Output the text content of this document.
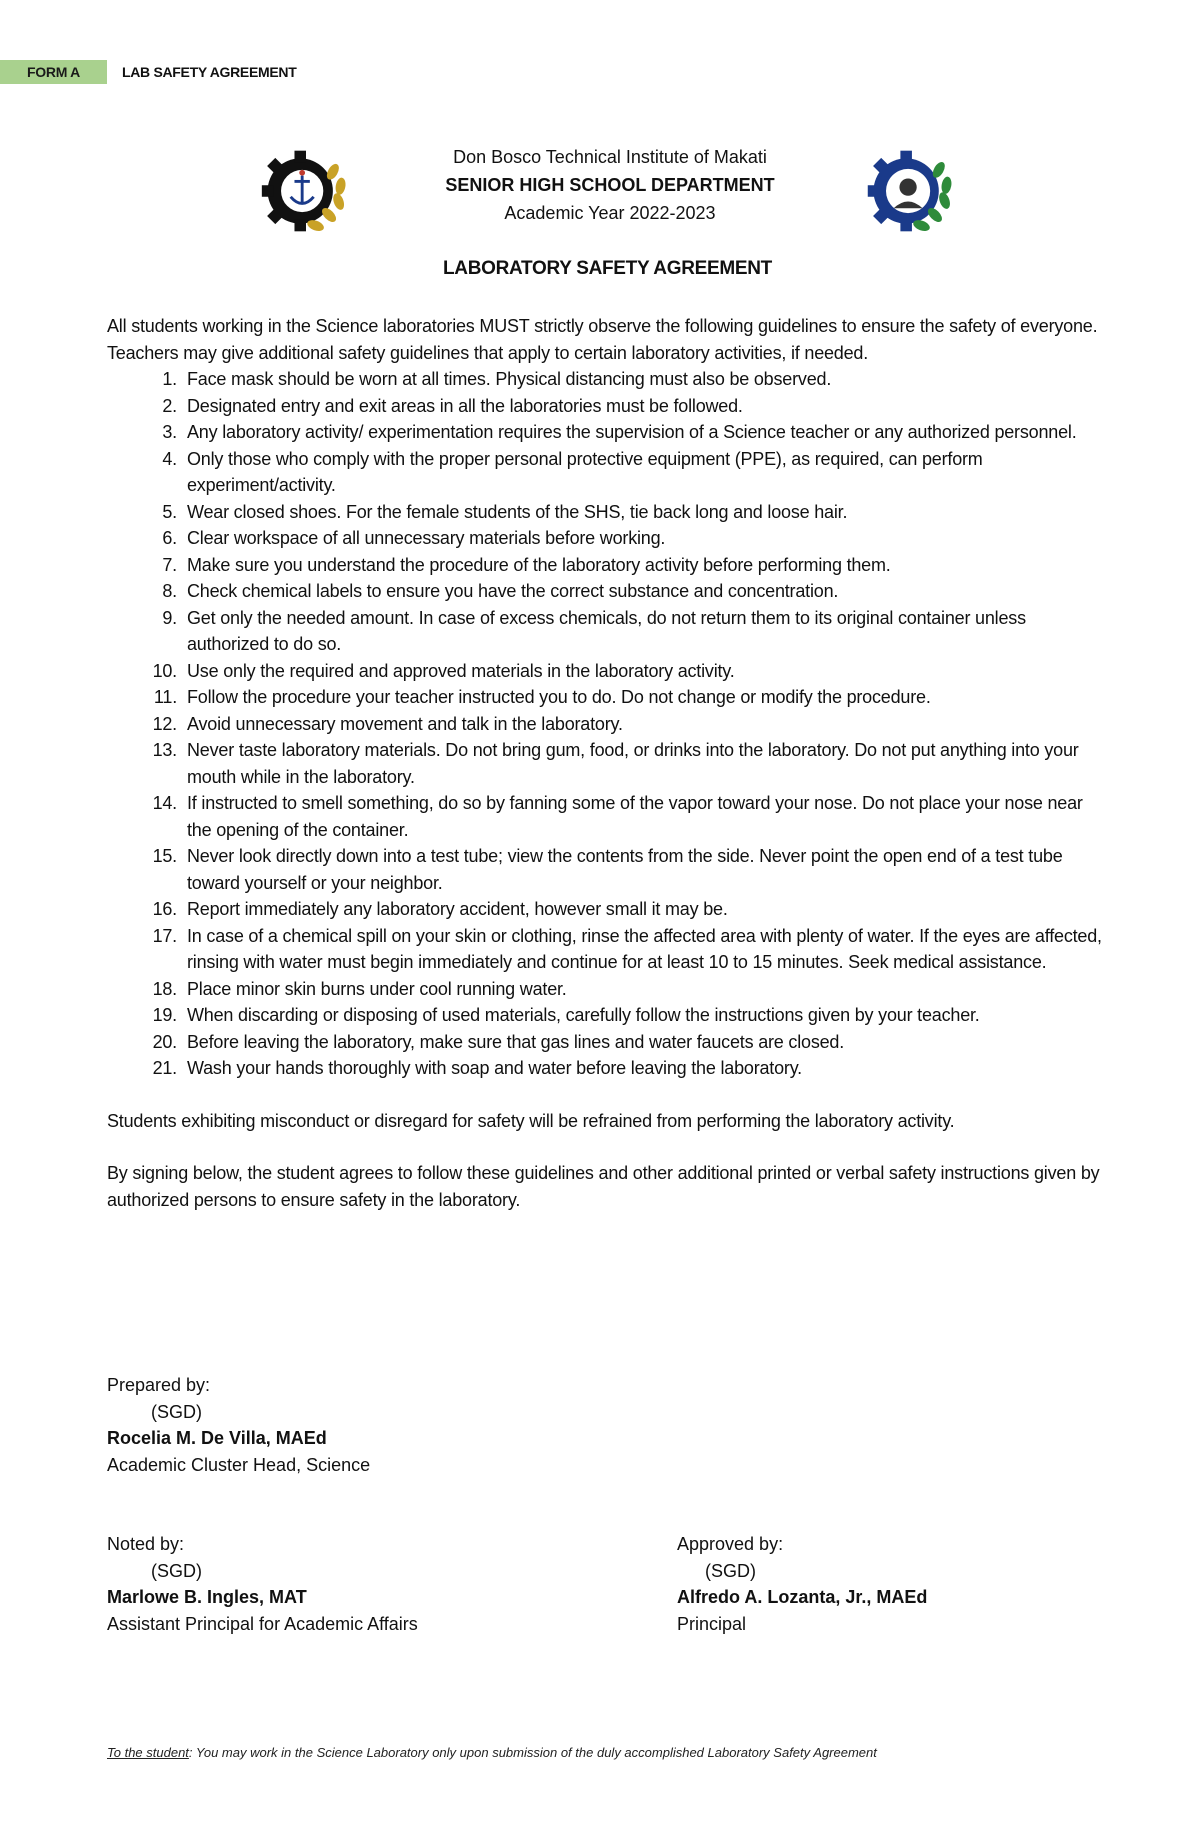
FORM A	LAB SAFETY AGREEMENT
Don Bosco Technical Institute of Makati
SENIOR HIGH SCHOOL DEPARTMENT
Academic Year 2022-2023
LABORATORY SAFETY AGREEMENT

All students working in the Science laboratories MUST strictly observe the following guidelines to ensure the safety of everyone. Teachers may give additional safety guidelines that apply to certain laboratory activities, if needed.

1. Face mask should be worn at all times. Physical distancing must also be observed.
2. Designated entry and exit areas in all the laboratories must be followed.
3. Any laboratory activity/ experimentation requires the supervision of a Science teacher or any authorized personnel.
4. Only those who comply with the proper personal protective equipment (PPE), as required, can perform experiment/activity.
5. Wear closed shoes. For the female students of the SHS, tie back long and loose hair.
6. Clear workspace of all unnecessary materials before working.
7. Make sure you understand the procedure of the laboratory activity before performing them.
8. Check chemical labels to ensure you have the correct substance and concentration.
9. Get only the needed amount. In case of excess chemicals, do not return them to its original container unless authorized to do so.
10. Use only the required and approved materials in the laboratory activity.
11. Follow the procedure your teacher instructed you to do. Do not change or modify the procedure.
12. Avoid unnecessary movement and talk in the laboratory.
13. Never taste laboratory materials. Do not bring gum, food, or drinks into the laboratory. Do not put anything into your mouth while in the laboratory.
14. If instructed to smell something, do so by fanning some of the vapor toward your nose. Do not place your nose near the opening of the container.
15. Never look directly down into a test tube; view the contents from the side. Never point the open end of a test tube toward yourself or your neighbor.
16. Report immediately any laboratory accident, however small it may be.
17. In case of a chemical spill on your skin or clothing, rinse the affected area with plenty of water. If the eyes are affected, rinsing with water must begin immediately and continue for at least 10 to 15 minutes. Seek medical assistance.
18. Place minor skin burns under cool running water.
19. When discarding or disposing of used materials, carefully follow the instructions given by your teacher.
20. Before leaving the laboratory, make sure that gas lines and water faucets are closed.
21. Wash your hands thoroughly with soap and water before leaving the laboratory.

Students exhibiting misconduct or disregard for safety will be refrained from performing the laboratory activity.

By signing below, the student agrees to follow these guidelines and other additional printed or verbal safety instructions given by authorized persons to ensure safety in the laboratory.

Prepared by:
(SGD)
Rocelia M. De Villa, MAEd
Academic Cluster Head, Science
Noted by:
(SGD)
Marlowe B. Ingles, MAT
Assistant Principal for Academic Affairs
Approved by:
(SGD)
Alfredo A. Lozanta, Jr., MAEd
Principal
To the student: You may work in the Science Laboratory only upon submission of the duly accomplished Laboratory Safety Agreement
